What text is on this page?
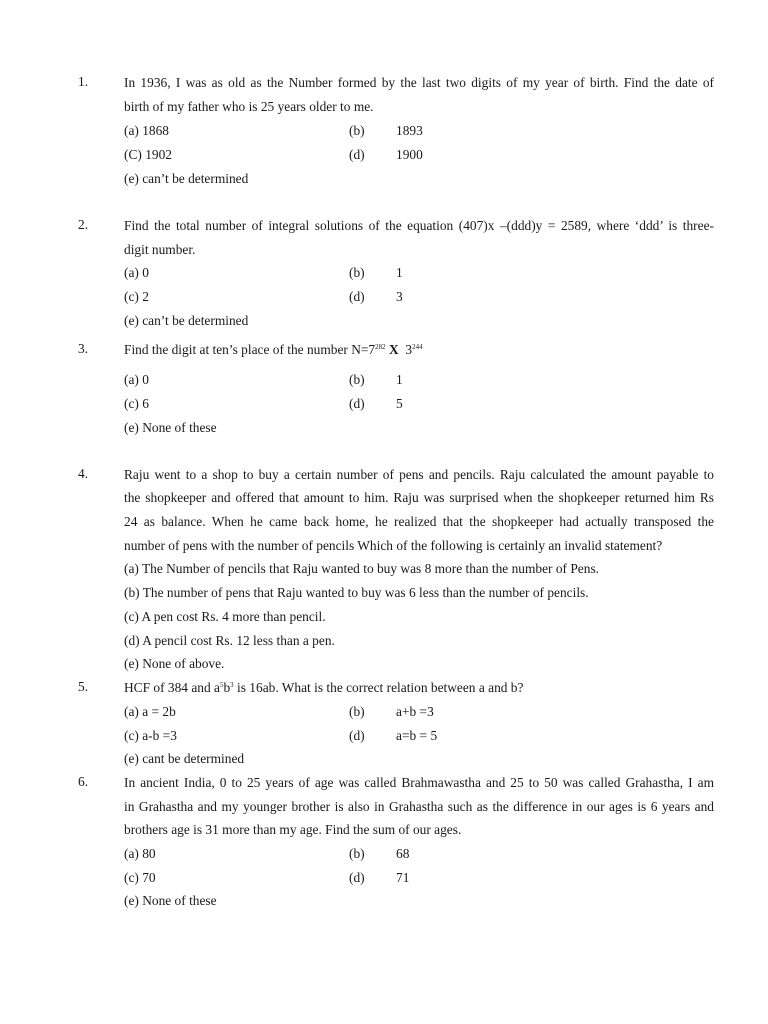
1.	In 1936, I was as old as the Number formed by the last two digits of my year of birth. Find the date of
birth of my father who is 25 years older to me.
(a) 1868	(b) 1893
(C) 1902	(d) 1900
(e) can’t be determined
2.	Find the total number of integral solutions of the equation (407)x –(ddd)y = 2589, where ‘ddd’ is three-
digit number.
(a) 0	(b) 1
(c) 2	(d) 3
(e) can’t be determined
3.	Find the digit at ten’s place of the number $N=7^{282}$ X $3^{244}$
(a) 0	(b) 1
(c) 6	(d) 5
(e) None of these
4.	Raju went to a shop to buy a certain number of pens and pencils. Raju calculated the amount payable to
the shopkeeper and offered that amount to him. Raju was surprised when the shopkeeper returned him Rs
24 as balance. When he came back home, he realized that the shopkeeper had actually transposed the
number of pens with the number of pencils Which of the following is certainly an invalid statement?
(a) The Number of pencils that Raju wanted to buy was 8 more than the number of Pens.
(b) The number of pens that Raju wanted to buy was 6 less than the number of pencils.
(c) A pen cost Rs. 4 more than pencil.
(d) A pencil cost Rs. 12 less than a pen.
(e) None of above.
5.	HCF of 384 and $a^5b^3$ is 16ab. What is the correct relation between a and b?
(a) a = 2b	(b) a+b =3
(c) a-b =3	(d) a=b = 5
(e) cant be determined
6.	In ancient India, 0 to 25 years of age was called Brahmawastha and 25 to 50 was called Grahastha, I am
in Grahastha and my younger brother is also in Grahastha such as the difference in our ages is 6 years and
brothers age is 31 more than my age. Find the sum of our ages.
(a) 80	(b) 68
(c) 70	(d) 71
(e) None of these
